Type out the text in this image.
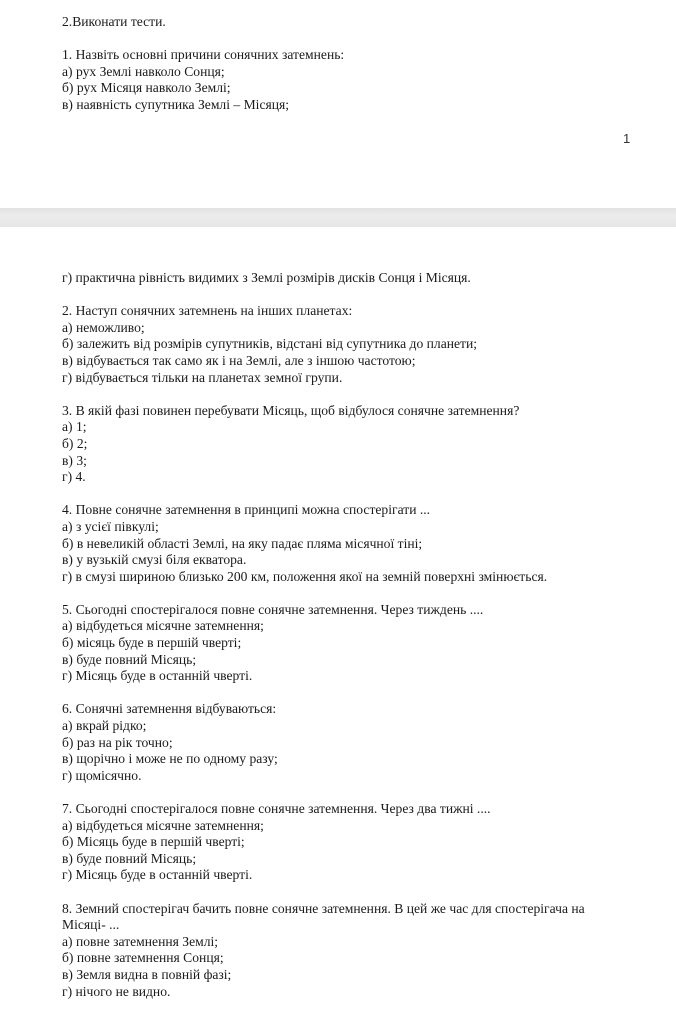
2.Виконати тести.
1. Назвіть основні причини сонячних затемнень:
а) рух Землі навколо Сонця;
б) рух Місяця навколо Землі;
в) наявність супутника Землі – Місяця;
1
г) практична рівність видимих з Землі розмірів дисків Сонця і Місяця.
2. Наступ сонячних затемнень на інших планетах:
а) неможливо;
б) залежить від розмірів супутників, відстані від супутника до планети;
в) відбувається так само як і на Землі, але з іншою частотою;
г) відбувається тільки на планетах земної групи.
3. В якій фазі повинен перебувати Місяць, щоб відбулося сонячне затемнення?
а) 1;
б) 2;
в) 3;
г) 4.
4. Повне сонячне затемнення в принципі можна спостерігати ...
а) з усієї півкулі;
б) в невеликій області Землі, на яку падає пляма місячної тіні;
в) у вузькій смузі біля екватора.
г) в смузі шириною близько 200 км, положення якої на земній поверхні змінюється.
5. Сьогодні спостерігалося повне сонячне затемнення. Через тиждень ....
а) відбудеться місячне затемнення;
б) місяць буде в першій чверті;
в) буде повний Місяць;
г) Місяць буде в останній чверті.
6. Сонячні затемнення відбуваються:
а) вкрай рідко;
б) раз на рік точно;
в) щорічно і може не по одному разу;
г) щомісячно.
7. Сьогодні спостерігалося повне сонячне затемнення. Через два тижні ....
а) відбудеться місячне затемнення;
б) Місяць буде в першій чверті;
в) буде повний Місяць;
г) Місяць буде в останній чверті.
8. Земний спостерігач бачить повне сонячне затемнення. В цей же час для спостерігача на
Місяці- ...
а) повне затемнення Землі;
б) повне затемнення Сонця;
в) Земля видна в повній фазі;
г) нічого не видно.
